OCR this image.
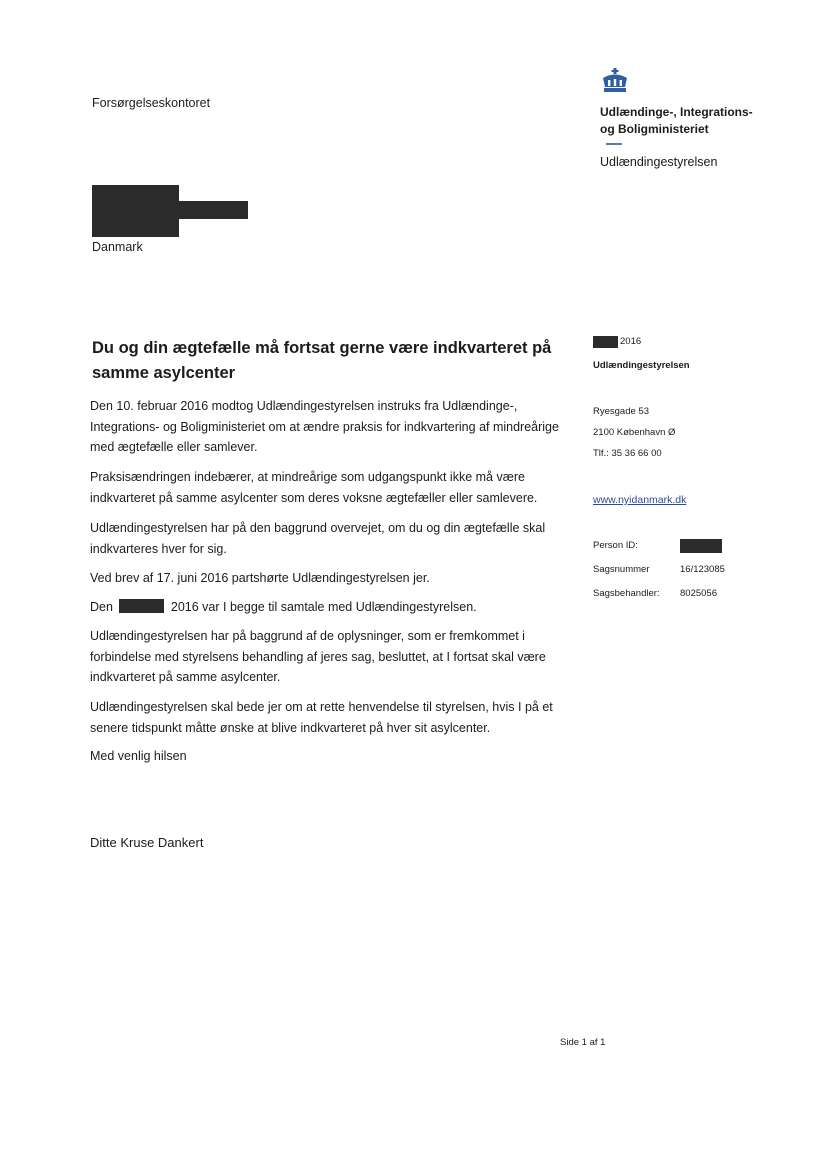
Forsørgelseskontoret
Udlændinge-, Integrations-
og Boligministeriet
Udlændingestyrelsen
Danmark
Du og din ægtefælle må fortsat gerne være indkvarteret på samme asylcenter
Den 10. februar 2016 modtog Udlændingestyrelsen instruks fra Udlændinge-, Integrations- og Boligministeriet om at ændre praksis for indkvartering af mindreårige med ægtefælle eller samlever.
Praksisændringen indebærer, at mindreårige som udgangspunkt ikke må være indkvarteret på samme asylcenter som deres voksne ægtefæller eller samlevere.
Udlændingestyrelsen har på den baggrund overvejet, om du og din ægtefælle skal indkvarteres hver for sig.
Ved brev af 17. juni 2016 partshørte Udlændingestyrelsen jer.
Den	2016 var I begge til samtale med Udlændingestyrelsen.
Udlændingestyrelsen har på baggrund af de oplysninger, som er fremkommet i forbindelse med styrelsens behandling af jeres sag, besluttet, at I fortsat skal være indkvarteret på samme asylcenter.
Udlændingestyrelsen skal bede jer om at rette henvendelse til styrelsen, hvis I på et senere tidspunkt måtte ønske at blive indkvarteret på hver sit asylcenter.
Med venlig hilsen
Ditte Kruse Dankert
2016
Udlændingestyrelsen
Ryesgade 53
2100 København Ø
Tlf.: 35 36 66 00
www.nyidanmark.dk
Person ID:
Sagsnummer	16/123085
Sagsbehandler: 8025056
Side 1 af 1
